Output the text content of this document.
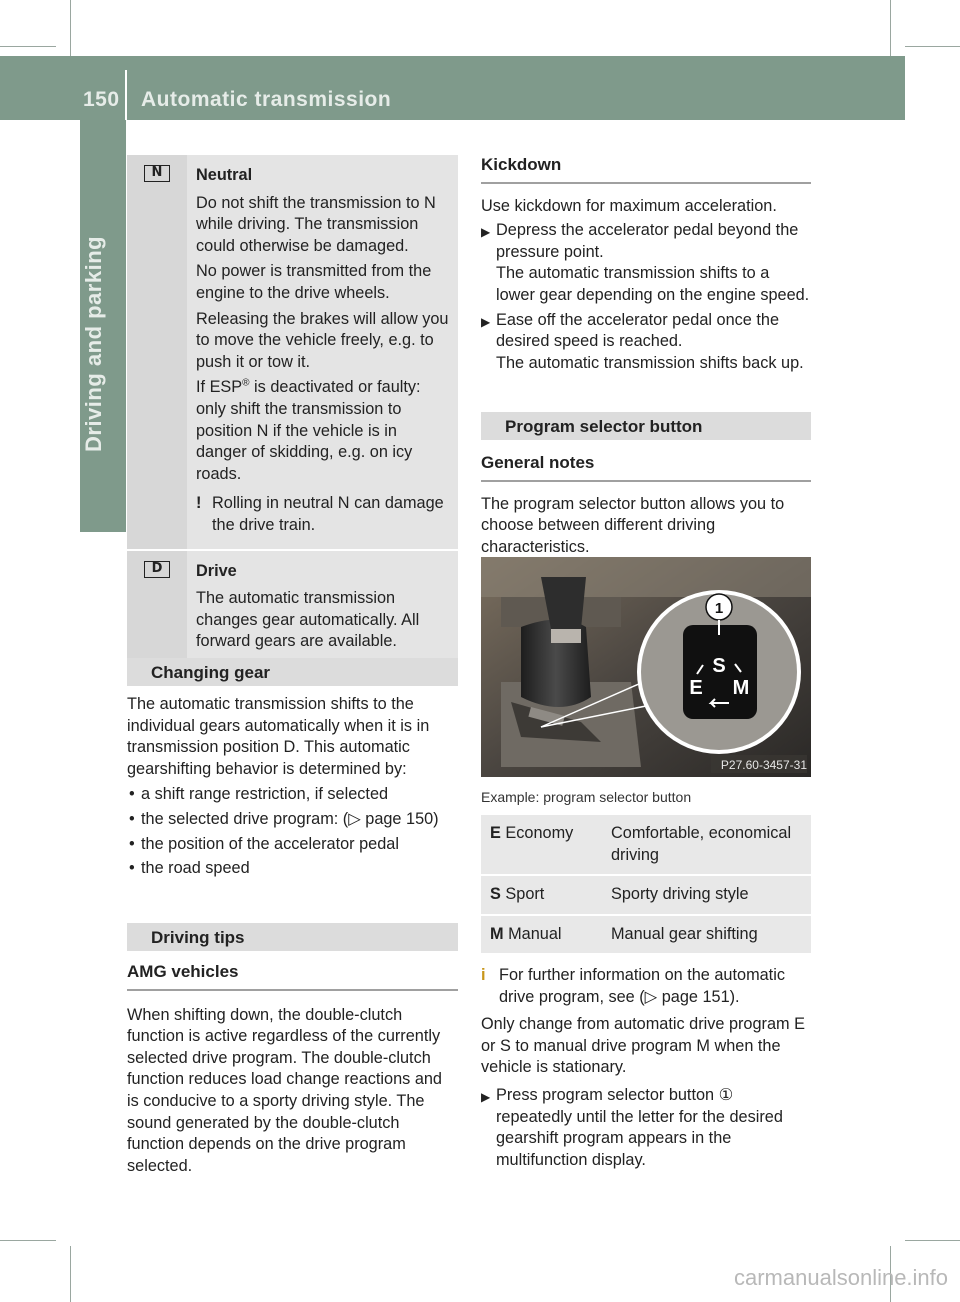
150 Automatic transmission
Driving and parking
N	Neutral

Do not shift the transmission to N while driving. The transmission could otherwise be damaged.

No power is transmitted from the engine to the drive wheels.

Releasing the brakes will allow you to move the vehicle freely, e.g. to push it or tow it.

If ESP® is deactivated or faulty: only shift the transmission to position N if the vehicle is in danger of skidding, e.g. on icy roads.

! Rolling in neutral N can damage the drive train.
D	Drive

The automatic transmission changes gear automatically. All forward gears are available.

Changing gear

The automatic transmission shifts to the individual gears automatically when it is in transmission position D. This automatic gearshifting behavior is determined by:

• a shift range restriction, if selected
• the selected drive program: (▷ page 150)
• the position of the accelerator pedal
• the road speed
Driving tips
AMG vehicles

When shifting down, the double-clutch function is active regardless of the currently selected drive program. The double-clutch function reduces load change reactions and is conducive to a sporty driving style. The sound generated by the double-clutch function depends on the drive program selected.

Kickdown

Use kickdown for maximum acceleration.

▶ Depress the accelerator pedal beyond the pressure point.
The automatic transmission shifts to a lower gear depending on the engine speed.
▶ Ease off the accelerator pedal once the desired speed is reached.
The automatic transmission shifts back up.
Program selector button
General notes

The program selector button allows you to choose between different driving characteristics.

1
S
E M
P27.60-3457-31
Example: program selector button
E Economy	Comfortable, economical driving
S Sport	Sporty driving style
M Manual	Manual gear shifting
i For further information on the automatic drive program, see (▷ page 151).

Only change from automatic drive program E or S to manual drive program M when the vehicle is stationary.

▶ Press program selector button ①
repeatedly until the letter for the desired gearshift program appears in the multifunction display.
carmanualsonline.info
